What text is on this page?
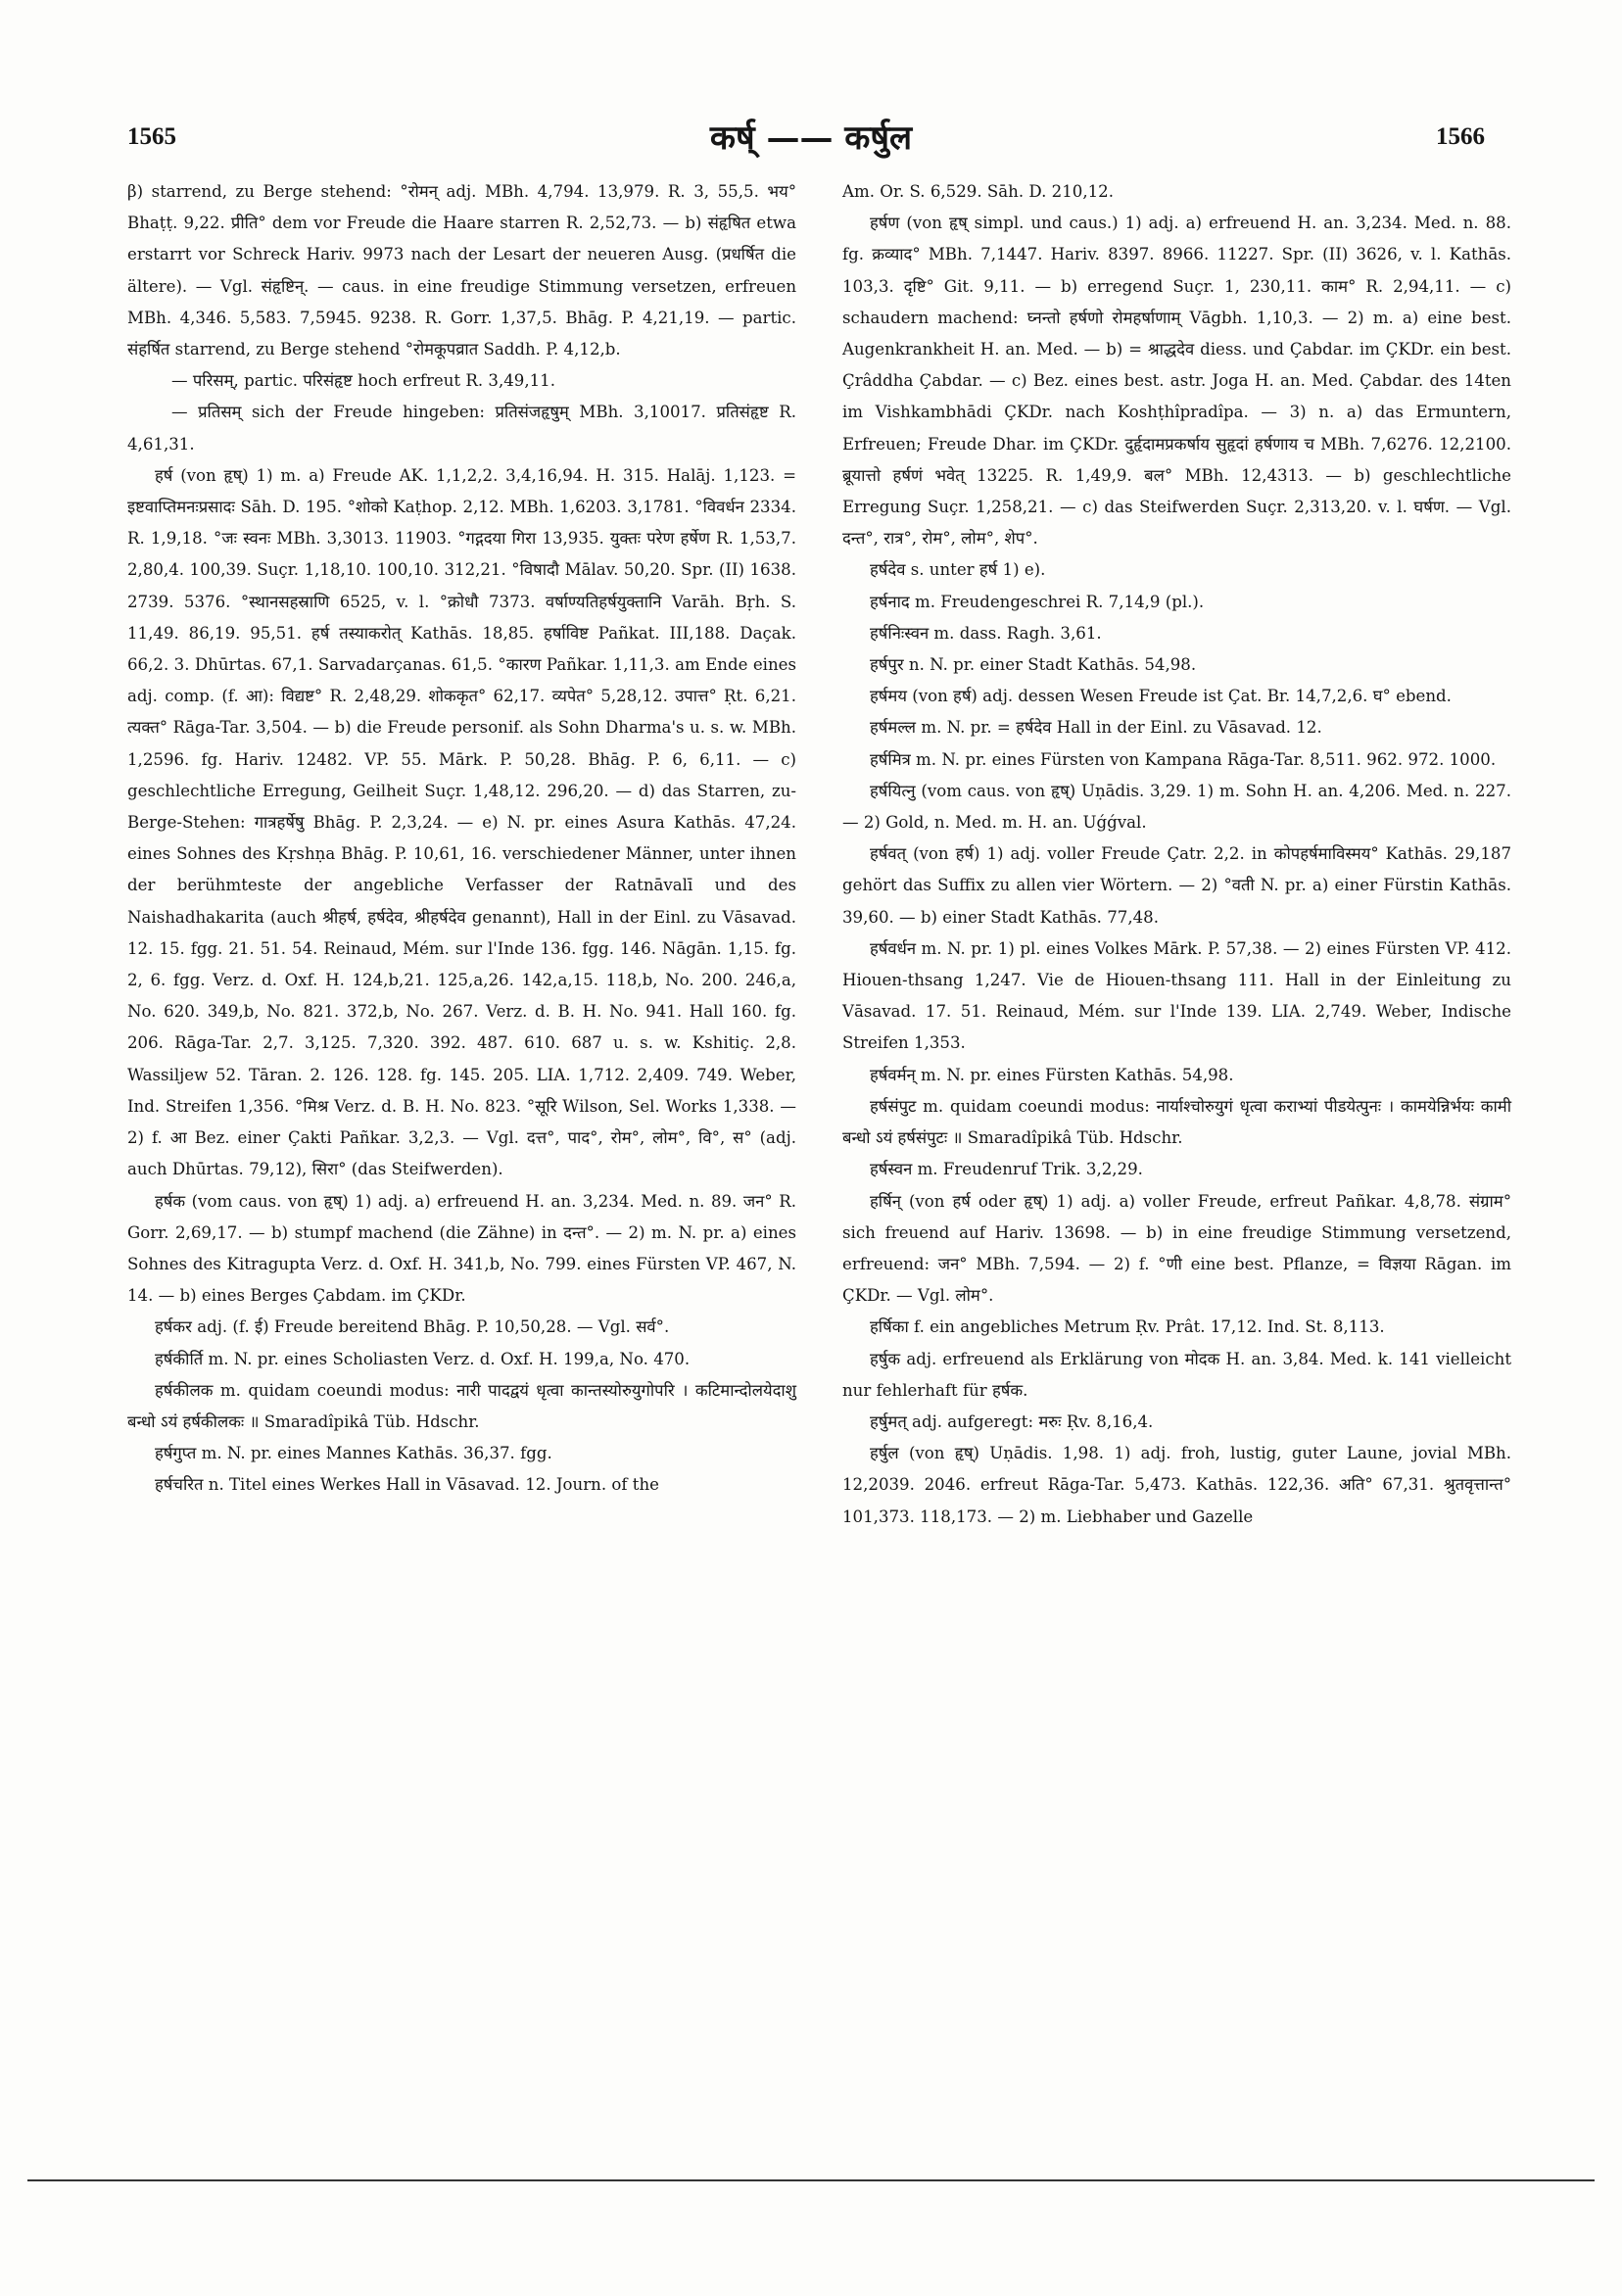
1565	कर्ष् —— कर्षुल	1566

β) starrend, zu Berge stehend: °रोमन् adj. MBh. 4,794. 13,979. R. 3, 55,5. भय° Bhaṭṭ. 9,22. प्रीति° dem vor Freude die Haare starren R. 2,52,73. — b) संहृषित etwa erstarrt vor Schreck Hariv. 9973 nach der Lesart der neueren Ausg. (प्रधर्षित die ältere). — Vgl. संहृष्टिन्. — caus. in eine freudige Stimmung versetzen, erfreuen MBh. 4,346. 5,583. 7,5945. 9238. R. Gorr. 1,37,5. Bhāg. P. 4,21,19. — partic. संहर्षित starrend, zu Berge stehend °रोमकूपव्रात Saddh. P. 4,12,b.

— परिसम्, partic. परिसंहृष्ट hoch erfreut R. 3,49,11.

— प्रतिसम् sich der Freude hingeben: प्रतिसंजहृषुम् MBh. 3,10017. प्रतिसंहृष्ट R. 4,61,31.

हर्ष (von हृष्) 1) m. a) Freude AK. 1,1,2,2. 3,4,16,94. H. 315. Halāj. 1,123. = इष्टवाप्तिमनःप्रसादः Sāh. D. 195. °शोको Kaṭhop. 2,12. MBh. 1,6203. 3,1781. °विवर्धन 2334. R. 1,9,18. °जः स्वनः MBh. 3,3013. 11903. °गद्गदया गिरा 13,935. युक्तः परेण हर्षेण R. 1,53,7. 2,80,4. 100,39. Suçr. 1,18,10. 100,10. 312,21. °विषादौ Mālav. 50,20. Spr. (II) 1638. 2739. 5376. °स्थानसहस्राणि 6525, v. l. °क्रोधौ 7373. वर्षाण्यतिहर्षयुक्तानि Varāh. Bṛh. S. 11,49. 86,19. 95,51. हर्ष तस्याकरोत् Kathās. 18,85. हर्षाविष्ट Pañkat. III,188. Daçak. 66,2. 3. Dhūrtas. 67,1. Sarvadarçanas. 61,5. °कारण Pañkar. 1,11,3. am Ende eines adj. comp. (f. आ): विद्यष्ट° R. 2,48,29. शोककृत° 62,17. व्यपेत° 5,28,12. उपात्त° Ṛt. 6,21. त्यक्त° Rāga-Tar. 3,504. — b) die Freude personif. als Sohn Dharma's u. s. w. MBh. 1,2596. fg. Hariv. 12482. VP. 55. Mārk. P. 50,28. Bhāg. P. 6, 6,11. — c) geschlechtliche Erregung, Geilheit Suçr. 1,48,12. 296,20. — d) das Starren, zu-Berge-Stehen: गात्रहर्षेषु Bhāg. P. 2,3,24. — e) N. pr. eines Asura Kathās. 47,24. eines Sohnes des Kṛshṇa Bhāg. P. 10,61, 16. verschiedener Männer, unter ihnen der berühmteste der angebliche Verfasser der Ratnāvalī und des Naishadhakarita (auch श्रीहर्ष, हर्षदेव, श्रीहर्षदेव genannt), Hall in der Einl. zu Vāsavad. 12. 15. fgg. 21. 51. 54. Reinaud, Mém. sur l'Inde 136. fgg. 146. Nāgān. 1,15. fg. 2, 6. fgg. Verz. d. Oxf. H. 124,b,21. 125,a,26. 142,a,15. 118,b, No. 200. 246,a, No. 620. 349,b, No. 821. 372,b, No. 267. Verz. d. B. H. No. 941. Hall 160. fg. 206. Rāga-Tar. 2,7. 3,125. 7,320. 392. 487. 610. 687 u. s. w. Kshitiç. 2,8. Wassiljew 52. Tāran. 2. 126. 128. fg. 145. 205. LIA. 1,712. 2,409. 749. Weber, Ind. Streifen 1,356. °मिश्र Verz. d. B. H. No. 823. °सूरि Wilson, Sel. Works 1,338. — 2) f. आ Bez. einer Çakti Pañkar. 3,2,3. — Vgl. दत्त°, पाद°, रोम°, लोम°, वि°, स° (adj. auch Dhūrtas. 79,12), सिरा° (das Steifwerden).

हर्षक (vom caus. von हृष्) 1) adj. a) erfreuend H. an. 3,234. Med. n. 89. जन° R. Gorr. 2,69,17. — b) stumpf machend (die Zähne) in दन्त°. — 2) m. N. pr. a) eines Sohnes des Kitragupta Verz. d. Oxf. H. 341,b, No. 799. eines Fürsten VP. 467, N. 14. — b) eines Berges Çabdam. im ÇKDr.

हर्षकर adj. (f. ई) Freude bereitend Bhāg. P. 10,50,28. — Vgl. सर्व°.

हर्षकीर्ति m. N. pr. eines Scholiasten Verz. d. Oxf. H. 199,a, No. 470.

हर्षकीलक m. quidam coeundi modus: नारी पादद्वयं धृत्वा कान्तस्योरुयुगोपरि । कटिमान्दोलयेदाशु बन्धो ऽयं हर्षकीलकः ॥ Smaradîpikâ Tüb. Hdschr.

हर्षगुप्त m. N. pr. eines Mannes Kathās. 36,37. fgg.

हर्षचरित n. Titel eines Werkes Hall in Vāsavad. 12. Journ. of the

Am. Or. S. 6,529. Sāh. D. 210,12.

हर्षण (von हृष् simpl. und caus.) 1) adj. a) erfreuend H. an. 3,234. Med. n. 88. fg. क्रव्याद° MBh. 7,1447. Hariv. 8397. 8966. 11227. Spr. (II) 3626, v. l. Kathās. 103,3. दृष्टि° Git. 9,11. — b) erregend Suçr. 1, 230,11. काम° R. 2,94,11. — c) schaudern machend: घ्नन्तो हर्षणो रोमहर्षाणाम् Vāgbh. 1,10,3. — 2) m. a) eine best. Augenkrankheit H. an. Med. — b) = श्राद्धदेव diess. und Çabdar. im ÇKDr. ein best. Çrâddha Çabdar. — c) Bez. eines best. astr. Joga H. an. Med. Çabdar. des 14ten im Vishkambhādi ÇKDr. nach Koshṭhîpradîpa. — 3) n. a) das Ermuntern, Erfreuen; Freude Dhar. im ÇKDr. दुर्हृदामप्रकर्षाय सुहृदां हर्षणाय च MBh. 7,6276. 12,2100. ब्रूयात्तो हर्षणं भवेत् 13225. R. 1,49,9. बल° MBh. 12,4313. — b) geschlechtliche Erregung Suçr. 1,258,21. — c) das Steifwerden Suçr. 2,313,20. v. l. घर्षण. — Vgl. दन्त°, रात्र°, रोम°, लोम°, शेप°.

हर्षदेव s. unter हर्ष 1) e).

हर्षनाद m. Freudengeschrei R. 7,14,9 (pl.).

हर्षनिःस्वन m. dass. Ragh. 3,61.

हर्षपुर n. N. pr. einer Stadt Kathās. 54,98.

हर्षमय (von हर्ष) adj. dessen Wesen Freude ist Çat. Br. 14,7,2,6. घ° ebend.

हर्षमल्ल m. N. pr. = हर्षदेव Hall in der Einl. zu Vāsavad. 12.

हर्षमित्र m. N. pr. eines Fürsten von Kampana Rāga-Tar. 8,511. 962. 972. 1000.

हर्षयित्नु (vom caus. von हृष्) Uṇādis. 3,29. 1) m. Sohn H. an. 4,206. Med. n. 227. — 2) Gold, n. Med. m. H. an. Uǵǵval.

हर्षवत् (von हर्ष) 1) adj. voller Freude Çatr. 2,2. in कोपहर्षमाविस्मय° Kathās. 29,187 gehört das Suffix zu allen vier Wörtern. — 2) °वती N. pr. a) einer Fürstin Kathās. 39,60. — b) einer Stadt Kathās. 77,48.

हर्षवर्धन m. N. pr. 1) pl. eines Volkes Mārk. P. 57,38. — 2) eines Fürsten VP. 412. Hiouen-thsang 1,247. Vie de Hiouen-thsang 111. Hall in der Einleitung zu Vāsavad. 17. 51. Reinaud, Mém. sur l'Inde 139. LIA. 2,749. Weber, Indische Streifen 1,353.

हर्षवर्मन् m. N. pr. eines Fürsten Kathās. 54,98.

हर्षसंपुट m. quidam coeundi modus: नार्याश्चोरुयुगं धृत्वा कराभ्यां पीडयेत्पुनः । कामयेन्निर्भयः कामी बन्धो ऽयं हर्षसंपुटः ॥ Smaradîpikâ Tüb. Hdschr.

हर्षस्वन m. Freudenruf Trik. 3,2,29.

हर्षिन् (von हर्ष oder हृष्) 1) adj. a) voller Freude, erfreut Pañkar. 4,8,78. संग्राम° sich freuend auf Hariv. 13698. — b) in eine freudige Stimmung versetzend, erfreuend: जन° MBh. 7,594. — 2) f. °णी eine best. Pflanze, = विज्ञया Rāgan. im ÇKDr. — Vgl. लोम°.

हर्षिका f. ein angebliches Metrum Ṛv. Prât. 17,12. Ind. St. 8,113.

हर्षुक adj. erfreuend als Erklärung von मोदक H. an. 3,84. Med. k. 141 vielleicht nur fehlerhaft für हर्षक.

हर्षुमत् adj. aufgeregt: मरुः Ṛv. 8,16,4.

हर्षुल (von हृष्) Uṇādis. 1,98. 1) adj. froh, lustig, guter Laune, jovial MBh. 12,2039. 2046. erfreut Rāga-Tar. 5,473. Kathās. 122,36. अति° 67,31. श्रुतवृत्तान्त° 101,373. 118,173. — 2) m. Liebhaber und Gazelle
